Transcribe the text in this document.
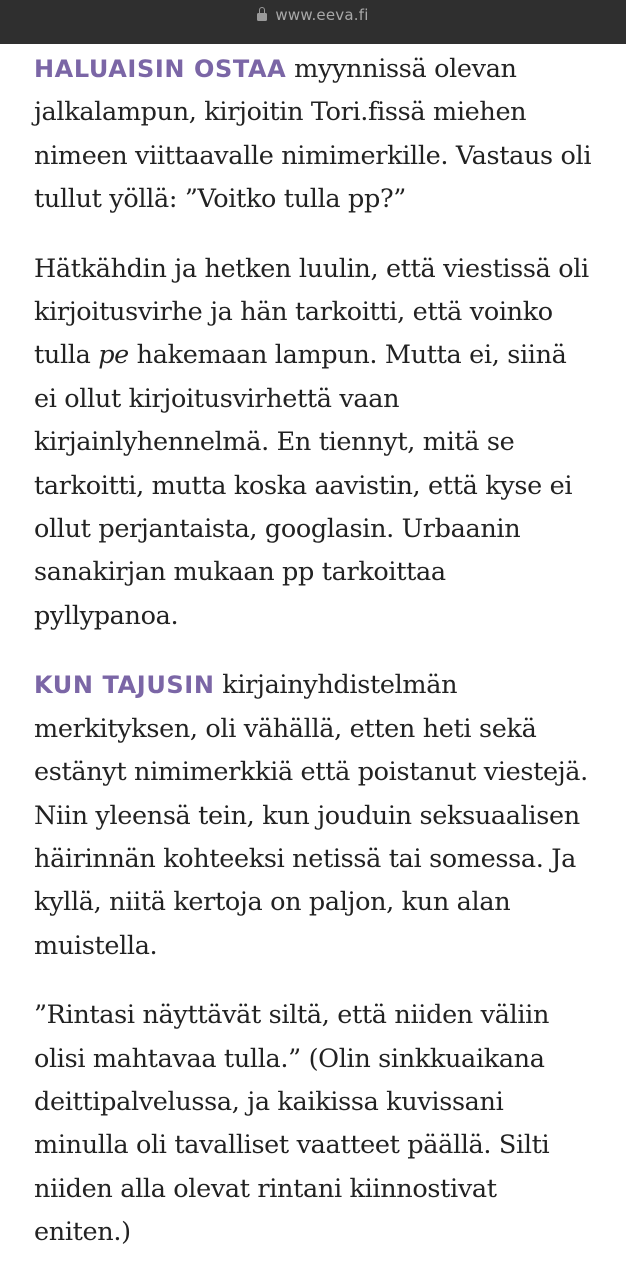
www.eeva.fi

HALUAISIN OSTAA myynnissä olevan jalkalampun, kirjoitin Tori.fissä miehen nimeen viittaavalle nimimerkille. Vastaus oli tullut yöllä: ”Voitko tulla pp?”

Hätkähdin ja hetken luulin, että viestissä oli kirjoitusvirhe ja hän tarkoitti, että voinko tulla pe hakemaan lampun. Mutta ei, siinä ei ollut kirjoitusvirhettä vaan kirjainlyhennelmä. En tiennyt, mitä se tarkoitti, mutta koska aavistin, että kyse ei ollut perjantaista, googlasin. Urbaanin sanakirjan mukaan pp tarkoittaa pyllypanoa.

KUN TAJUSIN kirjainyhdistelmän merkityksen, oli vähällä, etten heti sekä estänyt nimimerkkiä että poistanut viestejä. Niin yleensä tein, kun jouduin seksuaalisen häirinnän kohteeksi netissä tai somessa. Ja kyllä, niitä kertoja on paljon, kun alan muistella.

”Rintasi näyttävät siltä, että niiden väliin olisi mahtavaa tulla.” (Olin sinkkuaikana deittipalvelussa, ja kaikissa kuvissani minulla oli tavalliset vaatteet päällä. Silti niiden alla olevat rintani kiinnostivat eniten.)
